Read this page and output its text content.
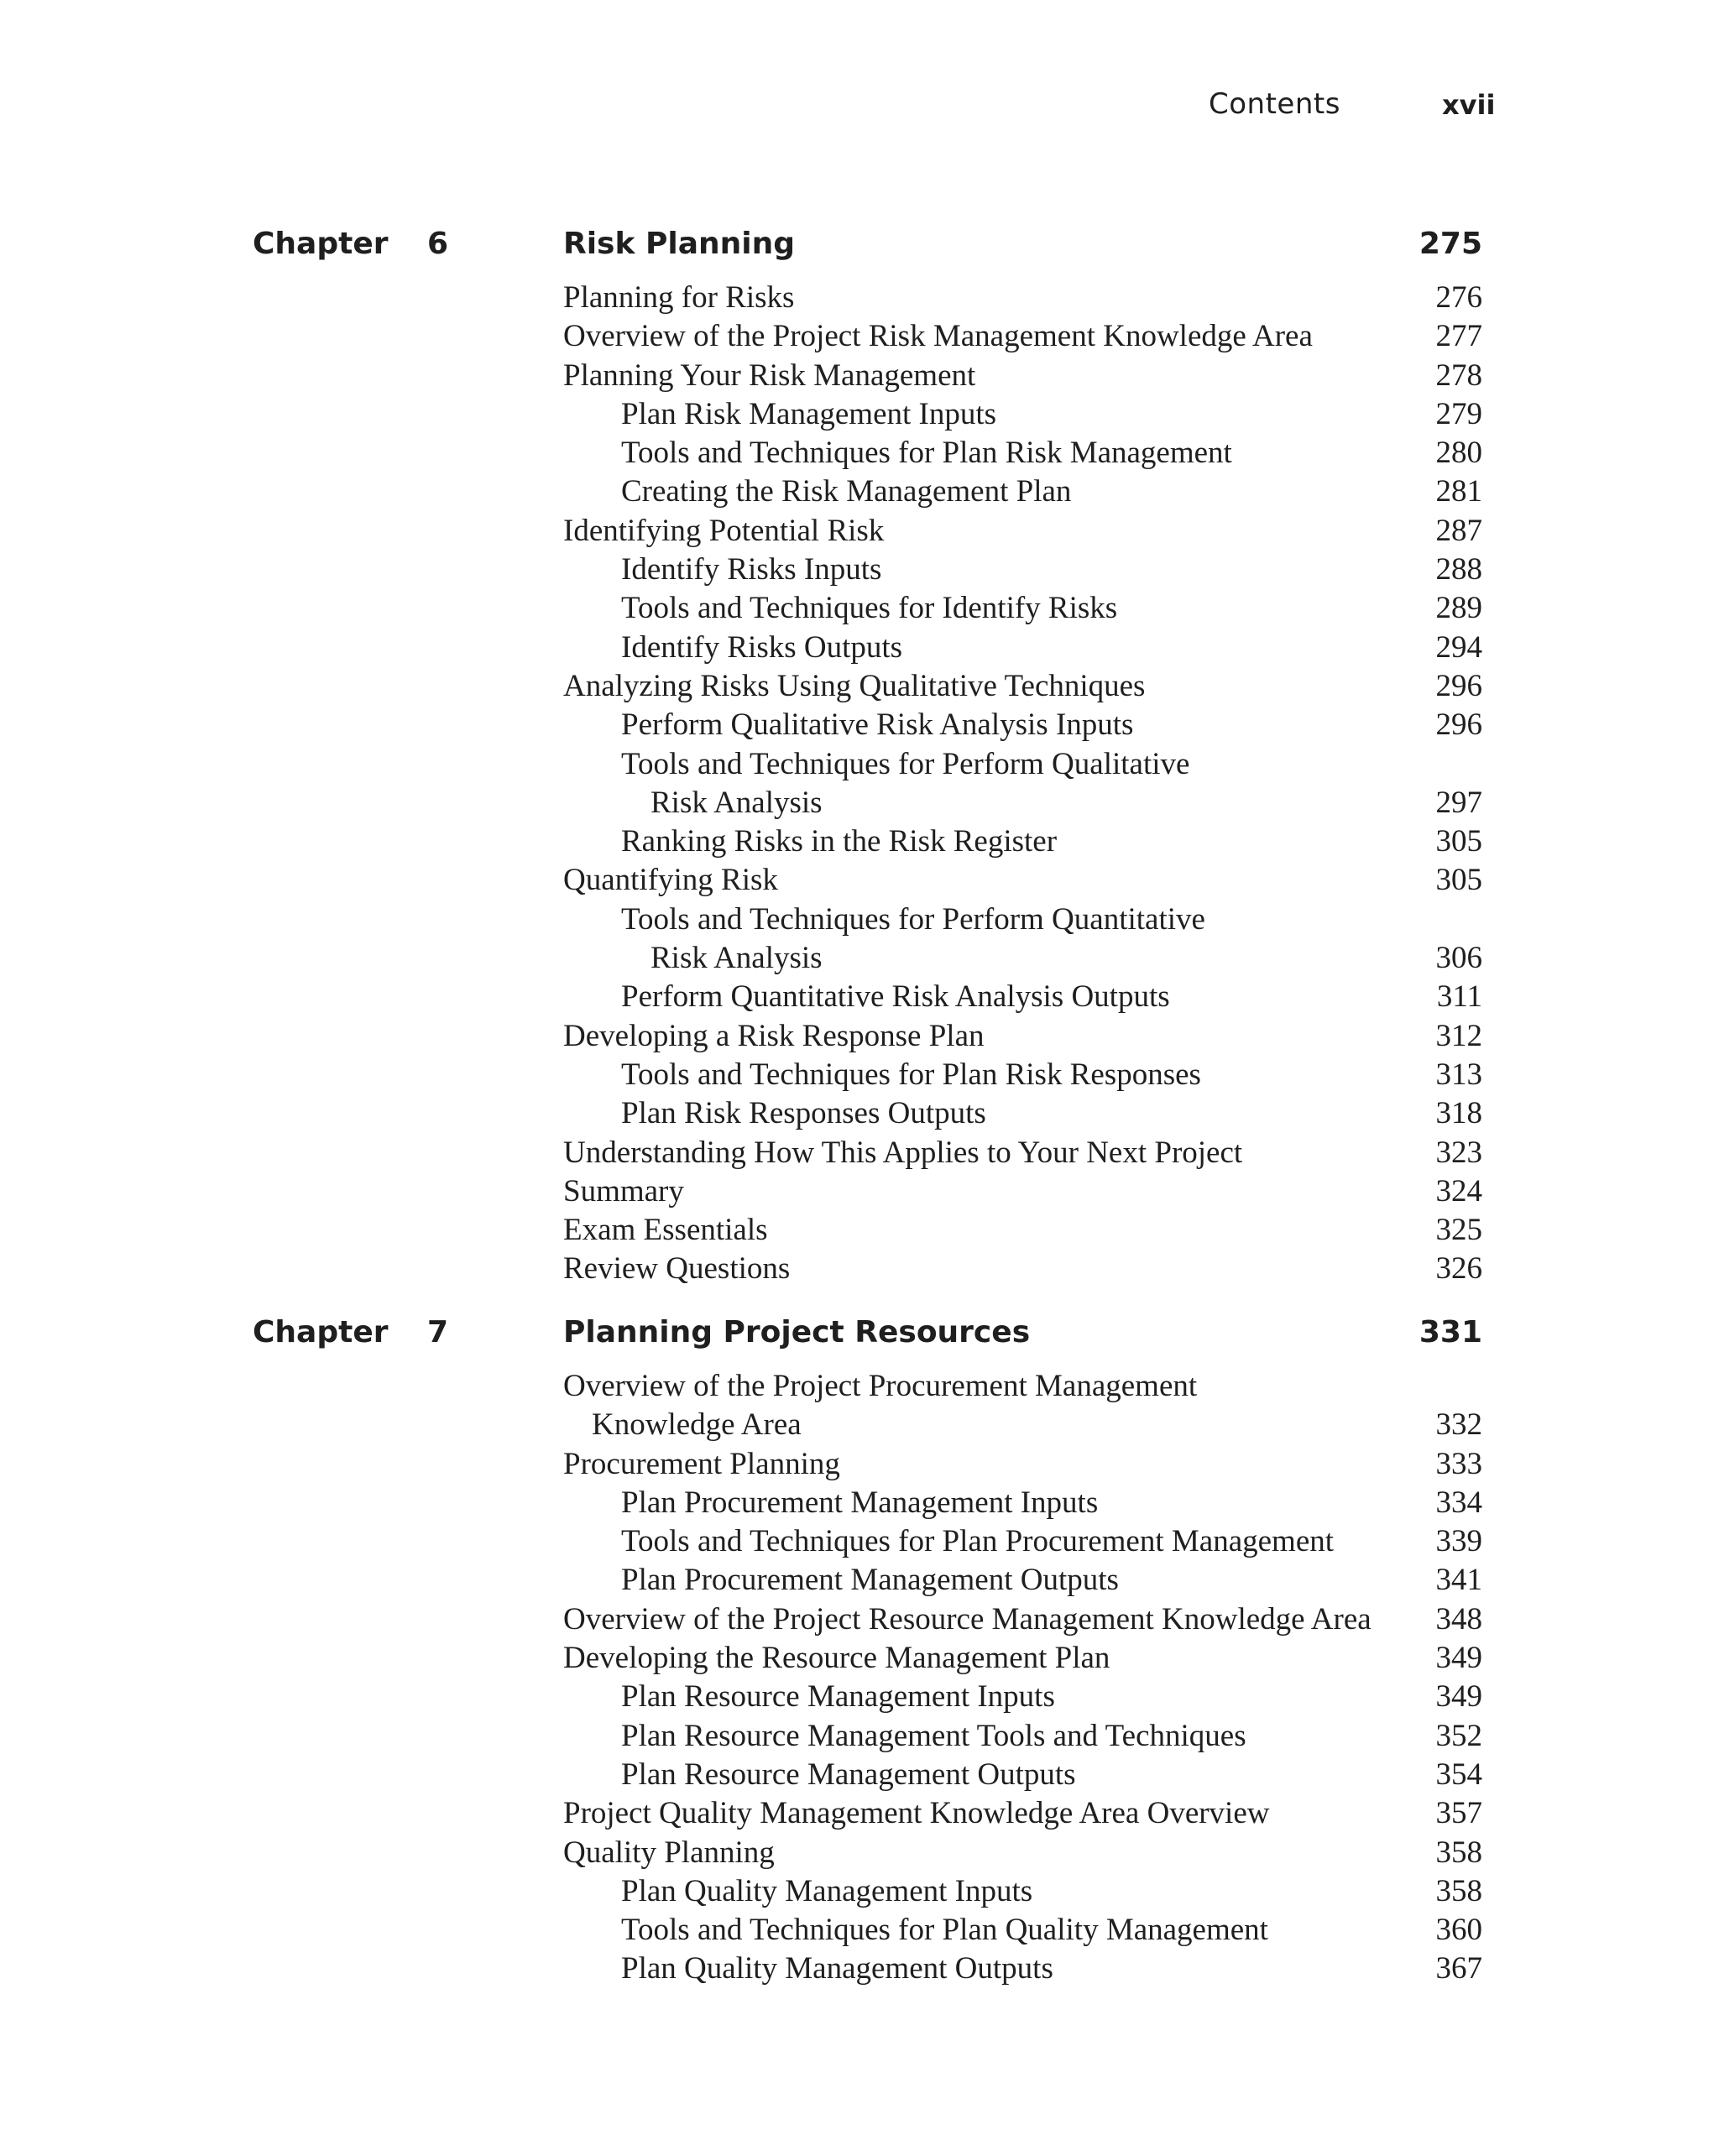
Contents	xvii
Chapter 6	Risk Planning	275
Planning for Risks	276
Overview of the Project Risk Management Knowledge Area	277
Planning Your Risk Management	278
Plan Risk Management Inputs	279
Tools and Techniques for Plan Risk Management	280
Creating the Risk Management Plan	281
Identifying Potential Risk	287
Identify Risks Inputs	288
Tools and Techniques for Identify Risks	289
Identify Risks Outputs	294
Analyzing Risks Using Qualitative Techniques	296
Perform Qualitative Risk Analysis Inputs	296
Tools and Techniques for Perform Qualitative
Risk Analysis	297
Ranking Risks in the Risk Register	305
Quantifying Risk	305
Tools and Techniques for Perform Quantitative
Risk Analysis	306
Perform Quantitative Risk Analysis Outputs	311
Developing a Risk Response Plan	312
Tools and Techniques for Plan Risk Responses	313
Plan Risk Responses Outputs	318
Understanding How This Applies to Your Next Project	323
Summary	324
Exam Essentials	325
Review Questions	326
Chapter 7	Planning Project Resources	331
Overview of the Project Procurement Management
Knowledge Area	332
Procurement Planning	333
Plan Procurement Management Inputs	334
Tools and Techniques for Plan Procurement Management	339
Plan Procurement Management Outputs	341
Overview of the Project Resource Management Knowledge Area	348
Developing the Resource Management Plan	349
Plan Resource Management Inputs	349
Plan Resource Management Tools and Techniques	352
Plan Resource Management Outputs	354
Project Quality Management Knowledge Area Overview	357
Quality Planning	358
Plan Quality Management Inputs	358
Tools and Techniques for Plan Quality Management	360
Plan Quality Management Outputs	367
